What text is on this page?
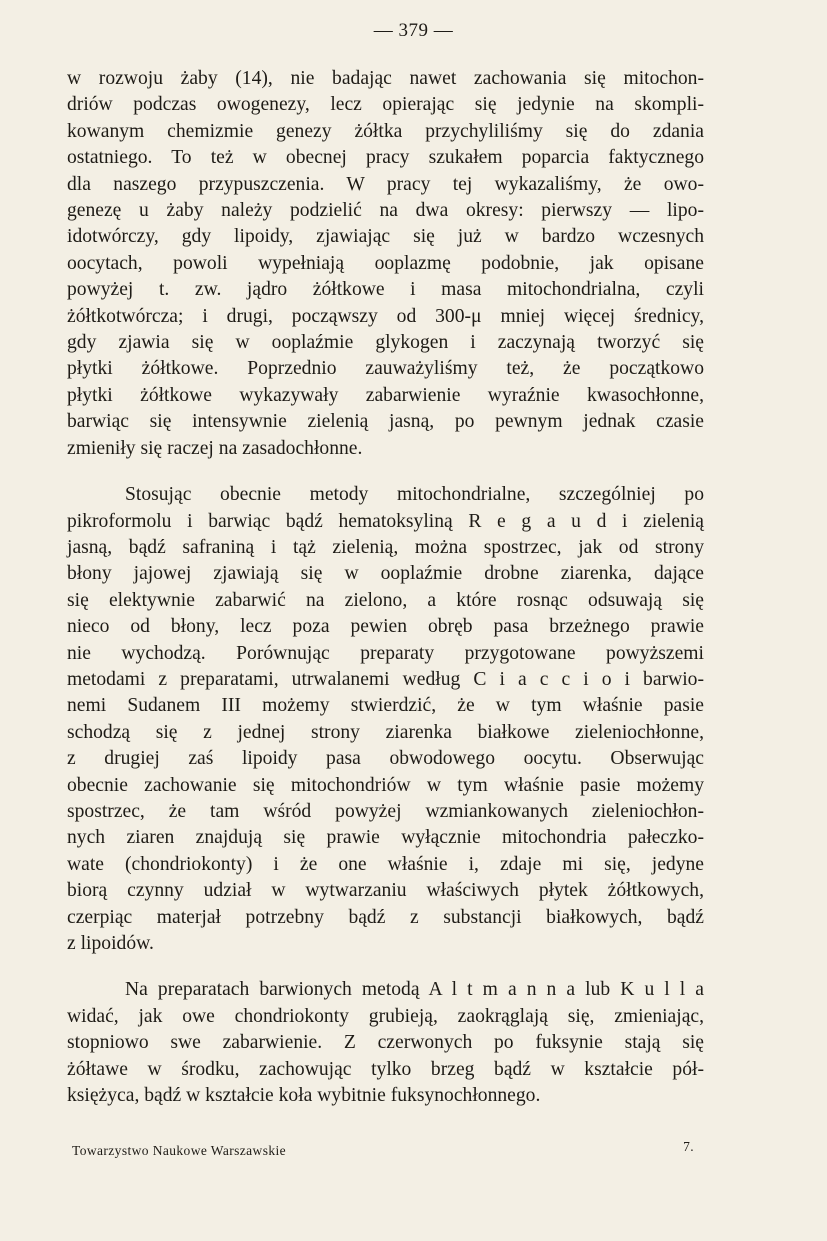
— 379 —

w rozwoju żaby (14), nie badając nawet zachowania się mitochon-
driów podczas owogenezy, lecz opierając się jedynie na skompli-
kowanym chemizmie genezy żółtka przychyliliśmy się do zdania
ostatniego. To też w obecnej pracy szukałem poparcia faktycznego
dla naszego przypuszczenia. W pracy tej wykazaliśmy, że owo-
genezę u żaby należy podzielić na dwa okresy: pierwszy — lipo-
idotwórczy, gdy lipoidy, zjawiając się już w bardzo wczesnych
oocytach, powoli wypełniają ooplazmę podobnie, jak opisane
powyżej t. zw. jądro żółtkowe i masa mitochondrialna, czyli
żółtkotwórcza; i drugi, począwszy od 300-μ mniej więcej średnicy,
gdy zjawia się w ooplaźmie glykogen i zaczynają tworzyć się
płytki żółtkowe. Poprzednio zauważyliśmy też, że początkowo
płytki żółtkowe wykazywały zabarwienie wyraźnie kwasochłonne,
barwiąc się intensywnie zielenią jasną, po pewnym jednak czasie
zmieniły się raczej na zasadochłonne.

Stosując obecnie metody mitochondrialne, szczególniej po
pikroformolu i barwiąc bądź hematoksyliną R e g a u d i zielenią
jasną, bądź safraniną i tąż zielenią, można spostrzec, jak od strony
błony jajowej zjawiają się w ooplaźmie drobne ziarenka, dające
się elektywnie zabarwić na zielono, a które rosnąc odsuwają się
nieco od błony, lecz poza pewien obręb pasa brzeżnego prawie
nie wychodzą. Porównując preparaty przygotowane powyższemi
metodami z preparatami, utrwalanemi według C i a c c i o i barwio-
nemi Sudanem III możemy stwierdzić, że w tym właśnie pasie
schodzą się z jednej strony ziarenka białkowe zieleniochłonne,
z drugiej zaś lipoidy pasa obwodowego oocytu. Obserwując
obecnie zachowanie się mitochondriów w tym właśnie pasie możemy
spostrzec, że tam wśród powyżej wzmiankowanych zieleniochłon-
nych ziaren znajdują się prawie wyłącznie mitochondria pałeczko-
wate (chondriokonty) i że one właśnie i, zdaje mi się, jedyne
biorą czynny udział w wytwarzaniu właściwych płytek żółtkowych,
czerpiąc materjał potrzebny bądź z substancji białkowych, bądź
z lipoidów.

Na preparatach barwionych metodą A l t m a n n a lub K u l l a
widać, jak owe chondriokonty grubieją, zaokrąglają się, zmieniając,
stopniowo swe zabarwienie. Z czerwonych po fuksynie stają się
żółtawe w środku, zachowując tylko brzeg bądź w kształcie pół-
księżyca, bądź w kształcie koła wybitnie fuksynochłonnego.

Towarzystwo Naukowe Warszawskie	7.
